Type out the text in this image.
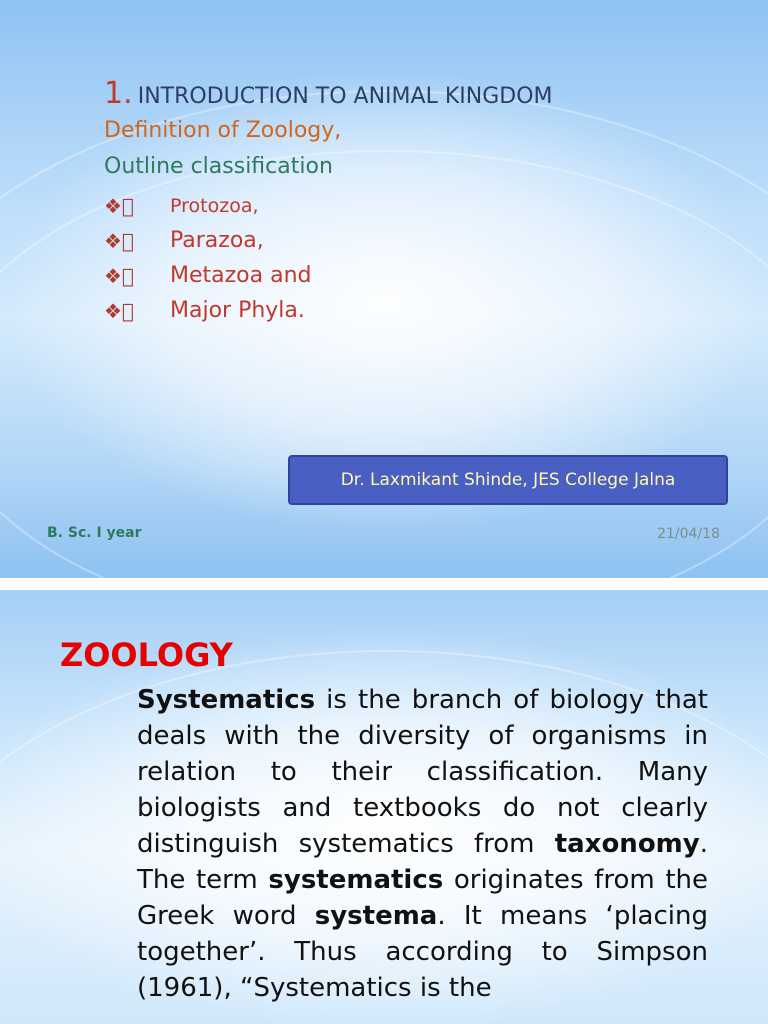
1. INTRODUCTION TO ANIMAL KINGDOM
Definition of Zoology,
Outline classification
❖	Protozoa,
❖	Parazoa,
❖	Metazoa and
❖	Major Phyla.
Dr. Laxmikant Shinde, JES College Jalna
B. Sc. I year	21/04/18
ZOOLOGY
Systematics is the branch of biology that deals with the diversity of organisms in relation to their classification. Many biologists and textbooks do not clearly distinguish systematics from taxonomy. The term systematics originates from the Greek word systema. It means ‘placing together’. Thus according to Simpson (1961), “Systematics is the
